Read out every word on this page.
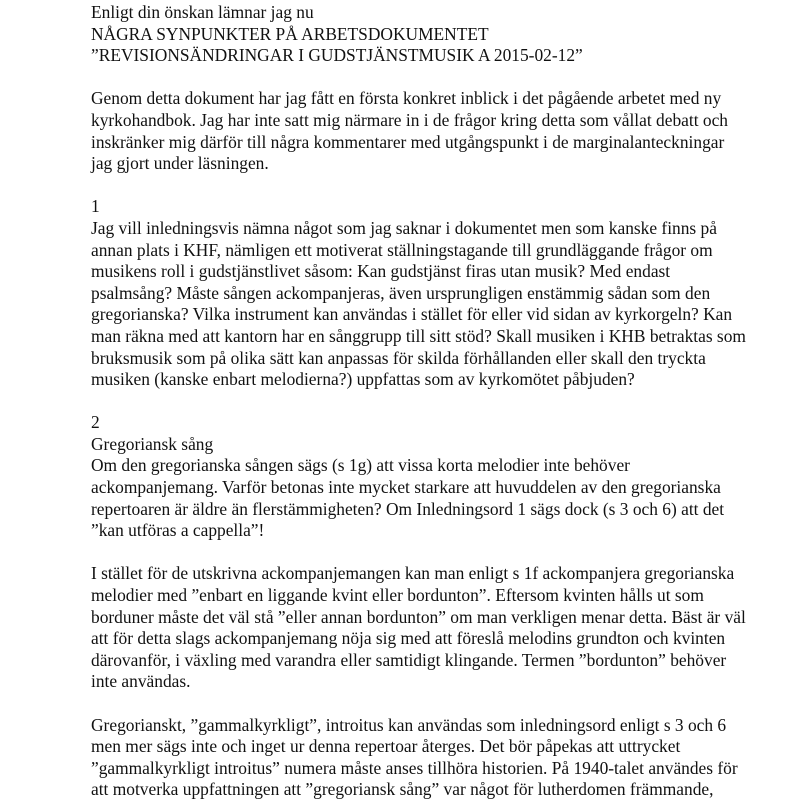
Enligt din önskan lämnar jag nu
NÅGRA SYNPUNKTER PÅ ARBETSDOKUMENTET
”REVISIONSÄNDRINGAR I GUDSTJÄNSTMUSIK A 2015-02-12”
Genom detta dokument har jag fått en första konkret inblick i det pågående arbetet med ny
kyrkohandbok. Jag har inte satt mig närmare in i de frågor kring detta som vållat debatt och
inskränker mig därför till några kommentarer med utgångspunkt i de marginalanteckningar
jag gjort under läsningen.
1
Jag vill inledningsvis nämna något som jag saknar i dokumentet men som kanske finns på
annan plats i KHF, nämligen ett motiverat ställningstagande till grundläggande frågor om
musikens roll i gudstjänstlivet såsom: Kan gudstjänst firas utan musik? Med endast
psalmsång? Måste sången ackompanjeras, även ursprungligen enstämmig sådan som den
gregorianska? Vilka instrument kan användas i stället för eller vid sidan av kyrkorgeln? Kan
man räkna med att kantorn har en sånggrupp till sitt stöd? Skall musiken i KHB betraktas som
bruksmusik som på olika sätt kan anpassas för skilda förhållanden eller skall den tryckta
musiken (kanske enbart melodierna?) uppfattas som av kyrkomötet påbjuden?
2
Gregoriansk sång
Om den gregorianska sången sägs (s 1g) att vissa korta melodier inte behöver
ackompanjemang. Varför betonas inte mycket starkare att huvuddelen av den gregorianska
repertoaren är äldre än flerstämmigheten? Om Inledningsord 1 sägs dock (s 3 och 6) att det
”kan utföras a cappella”!
I stället för de utskrivna ackompanjemangen kan man enligt s 1f ackompanjera gregorianska
melodier med ”enbart en liggande kvint eller bordunton”. Eftersom kvinten hålls ut som
borduner måste det väl stå ”eller annan bordunton” om man verkligen menar detta. Bäst är väl
att för detta slags ackompanjemang nöja sig med att föreslå melodins grundton och kvinten
därovanför, i växling med varandra eller samtidigt klingande. Termen ”bordunton” behöver
inte användas.
Gregorianskt, ”gammalkyrkligt”, introitus kan användas som inledningsord enligt s 3 och 6
men mer sägs inte och inget ur denna repertoar återges. Det bör påpekas att uttrycket
”gammalkyrkligt introitus” numera måste anses tillhöra historien. På 1940-talet användes för
att motverka uppfattningen att ”gregoriansk sång” var något för lutherdomen främmande,
